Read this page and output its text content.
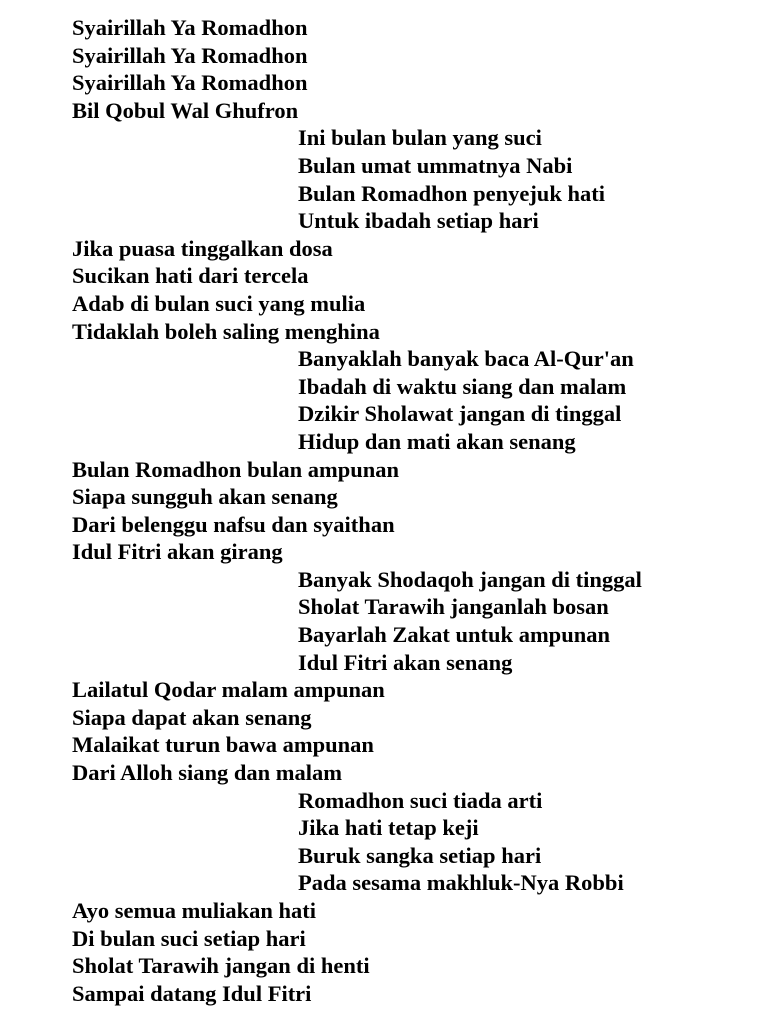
Syairillah Ya Romadhon
Syairillah Ya Romadhon
Syairillah Ya Romadhon
Bil Qobul Wal Ghufron
Ini bulan bulan yang suci
Bulan umat ummatnya Nabi
Bulan Romadhon penyejuk hati
Untuk ibadah setiap hari
Jika puasa tinggalkan dosa
Sucikan hati dari tercela
Adab di bulan suci yang mulia
Tidaklah boleh saling menghina
Banyaklah banyak baca Al-Qur'an
Ibadah di waktu siang dan malam
Dzikir Sholawat jangan di tinggal
Hidup dan mati akan senang
Bulan Romadhon bulan ampunan
Siapa sungguh akan senang
Dari belenggu nafsu dan syaithan
Idul Fitri akan girang
Banyak Shodaqoh jangan di tinggal
Sholat Tarawih janganlah bosan
Bayarlah Zakat untuk ampunan
Idul Fitri akan senang
Lailatul Qodar malam ampunan
Siapa dapat akan senang
Malaikat turun bawa ampunan
Dari Alloh siang dan malam
Romadhon suci tiada arti
Jika hati tetap keji
Buruk sangka setiap hari
Pada sesama makhluk-Nya Robbi
Ayo semua muliakan hati
Di bulan suci setiap hari
Sholat Tarawih jangan di henti
Sampai datang Idul Fitri
